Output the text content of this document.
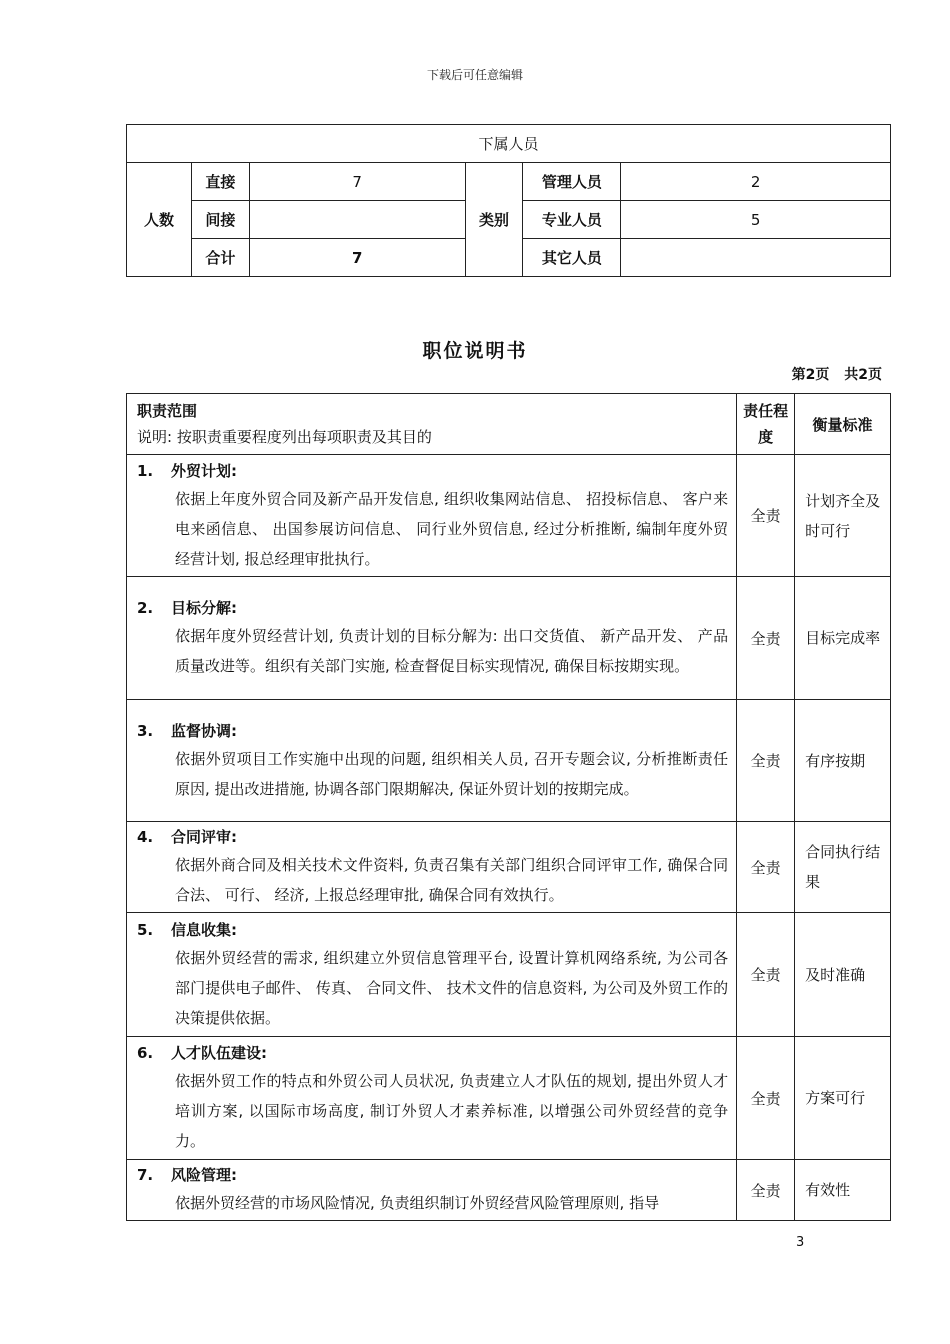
下载后可任意编辑
下属人员					
人数	直接	7	类别	管理人员	2
	间接			专业人员	5
	合计	7		其它人员	
职位说明书
第2页 共2页
职责范围
说明: 按职责重要程度列出每项职责及其目的	责任程度	衡量标准

1. 外贸计划:
依据上年度外贸合同及新产品开发信息, 组织收集网站信息、 招投标信息、 客户来电来函信息、 出国参展访问信息、 同行业外贸信息, 经过分析推断, 编制年度外贸经营计划, 报总经理审批执行。	全责	计划齐全及时可行

2. 目标分解:
依据年度外贸经营计划, 负责计划的目标分解为: 出口交货值、 新产品开发、 产品质量改进等。组织有关部门实施, 检查督促目标实现情况, 确保目标按期实现。	全责	目标完成率

3. 监督协调:
依据外贸项目工作实施中出现的问题, 组织相关人员, 召开专题会议, 分析推断责任原因, 提出改进措施, 协调各部门限期解决, 保证外贸计划的按期完成。	全责	有序按期

4. 合同评审:
依据外商合同及相关技术文件资料, 负责召集有关部门组织合同评审工作, 确保合同合法、 可行、 经济, 上报总经理审批, 确保合同有效执行。	全责	合同执行结果

5. 信息收集:
依据外贸经营的需求, 组织建立外贸信息管理平台, 设置计算机网络系统, 为公司各部门提供电子邮件、 传真、 合同文件、 技术文件的信息资料, 为公司及外贸工作的决策提供依据。	全责	及时准确

6. 人才队伍建设:
依据外贸工作的特点和外贸公司人员状况, 负责建立人才队伍的规划, 提出外贸人才培训方案, 以国际市场高度, 制订外贸人才素养标准, 以增强公司外贸经营的竞争力。	全责	方案可行

7. 风险管理:
依据外贸经营的市场风险情况, 负责组织制订外贸经营风险管理原则, 指导	全责	有效性
3
